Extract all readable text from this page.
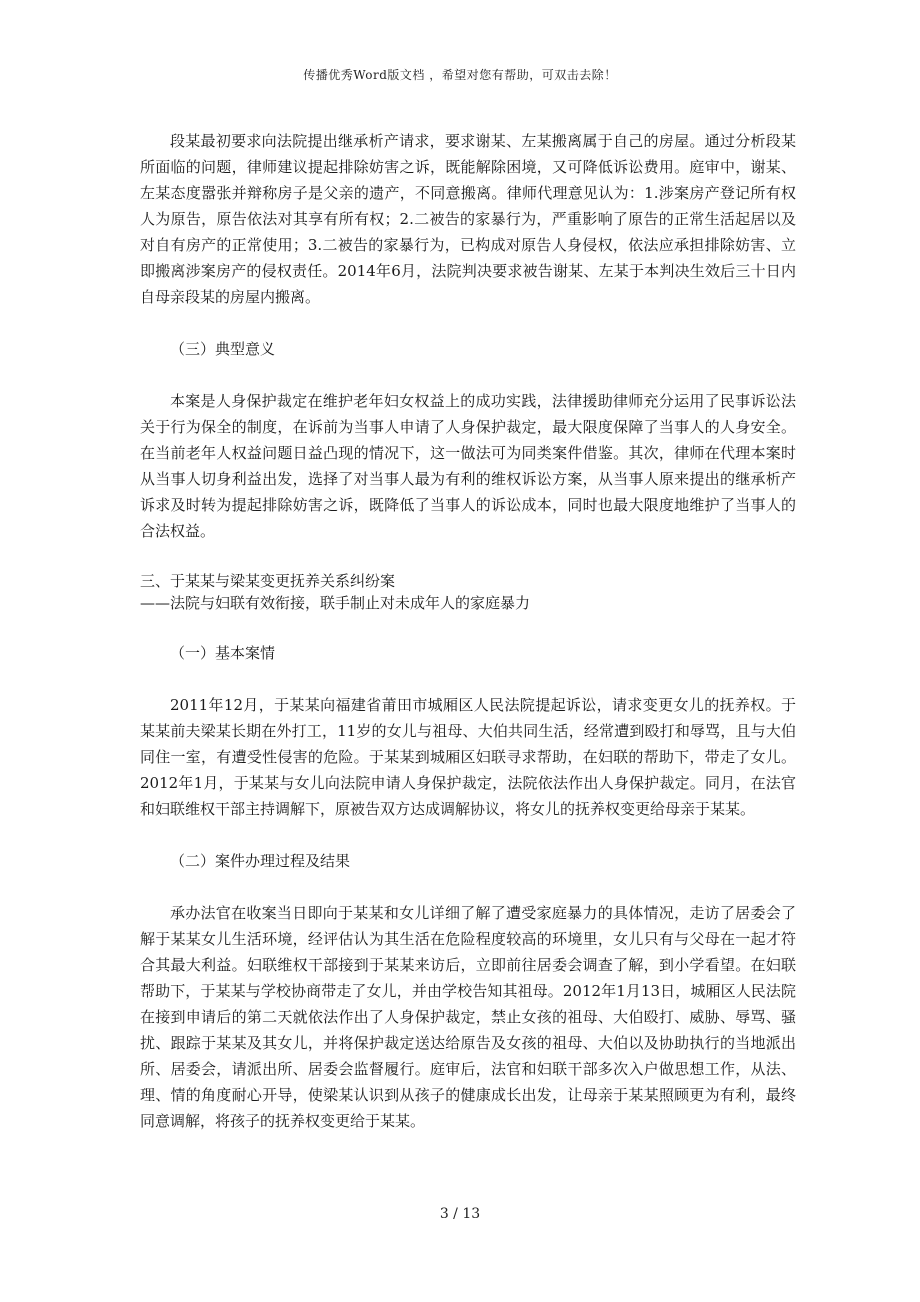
传播优秀Word版文档 ，希望对您有帮助，可双击去除！

段某最初要求向法院提出继承析产请求，要求谢某、左某搬离属于自己的房屋。通过分析段某所面临的问题，律师建议提起排除妨害之诉，既能解除困境，又可降低诉讼费用。庭审中，谢某、左某态度嚣张并辩称房子是父亲的遗产，不同意搬离。律师代理意见认为：1.涉案房产登记所有权人为原告，原告依法对其享有所有权；2.二被告的家暴行为，严重影响了原告的正常生活起居以及对自有房产的正常使用；3.二被告的家暴行为，已构成对原告人身侵权，依法应承担排除妨害、立即搬离涉案房产的侵权责任。2014年6月，法院判决要求被告谢某、左某于本判决生效后三十日内自母亲段某的房屋内搬离。

（三）典型意义

本案是人身保护裁定在维护老年妇女权益上的成功实践，法律援助律师充分运用了民事诉讼法关于行为保全的制度，在诉前为当事人申请了人身保护裁定，最大限度保障了当事人的人身安全。在当前老年人权益问题日益凸现的情况下，这一做法可为同类案件借鉴。其次，律师在代理本案时从当事人切身利益出发，选择了对当事人最为有利的维权诉讼方案，从当事人原来提出的继承析产诉求及时转为提起排除妨害之诉，既降低了当事人的诉讼成本，同时也最大限度地维护了当事人的合法权益。

三、于某某与梁某变更抚养关系纠纷案

——法院与妇联有效衔接，联手制止对未成年人的家庭暴力

（一）基本案情

2011年12月，于某某向福建省莆田市城厢区人民法院提起诉讼，请求变更女儿的抚养权。于某某前夫梁某长期在外打工，11岁的女儿与祖母、大伯共同生活，经常遭到殴打和辱骂，且与大伯同住一室，有遭受性侵害的危险。于某某到城厢区妇联寻求帮助，在妇联的帮助下，带走了女儿。2012年1月，于某某与女儿向法院申请人身保护裁定，法院依法作出人身保护裁定。同月，在法官和妇联维权干部主持调解下，原被告双方达成调解协议，将女儿的抚养权变更给母亲于某某。

（二）案件办理过程及结果

承办法官在收案当日即向于某某和女儿详细了解了遭受家庭暴力的具体情况，走访了居委会了解于某某女儿生活环境，经评估认为其生活在危险程度较高的环境里，女儿只有与父母在一起才符合其最大利益。妇联维权干部接到于某某来访后，立即前往居委会调查了解，到小学看望。在妇联帮助下，于某某与学校协商带走了女儿，并由学校告知其祖母。2012年1月13日，城厢区人民法院在接到申请后的第二天就依法作出了人身保护裁定，禁止女孩的祖母、大伯殴打、威胁、辱骂、骚扰、跟踪于某某及其女儿，并将保护裁定送达给原告及女孩的祖母、大伯以及协助执行的当地派出所、居委会，请派出所、居委会监督履行。庭审后，法官和妇联干部多次入户做思想工作，从法、理、情的角度耐心开导，使梁某认识到从孩子的健康成长出发，让母亲于某某照顾更为有利，最终同意调解，将孩子的抚养权变更给于某某。

3 / 13
